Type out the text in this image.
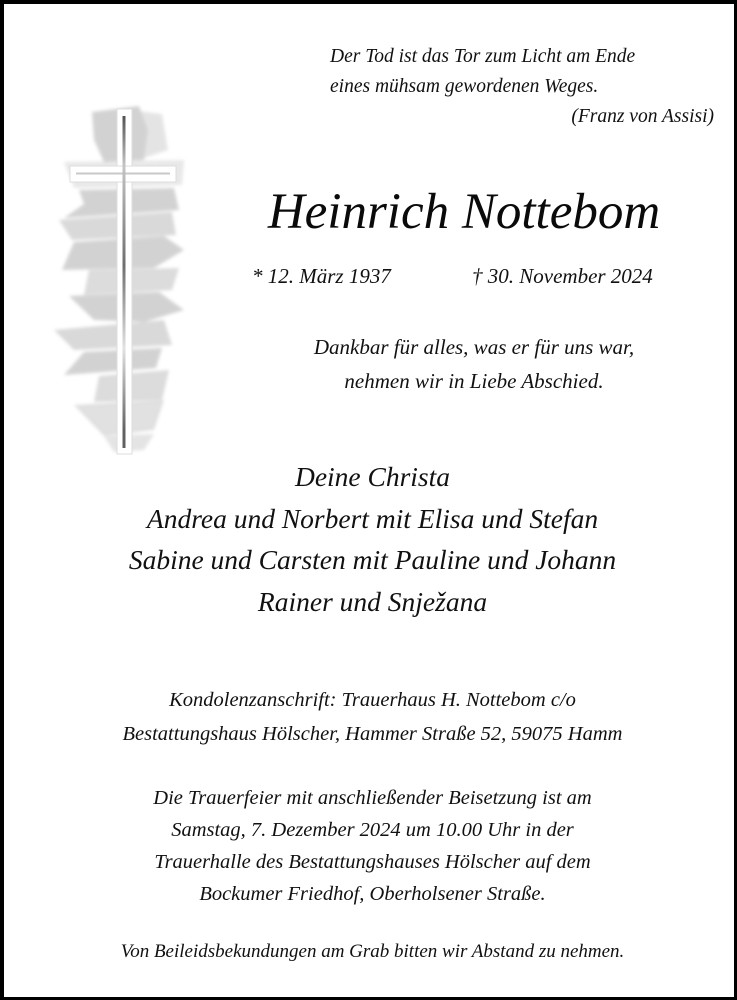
Der Tod ist das Tor zum Licht am Ende
eines mühsam gewordenen Weges.
(Franz von Assisi)
Heinrich Nottebom
* 12. März 1937	† 30. November 2024
Dankbar für alles, was er für uns war,
nehmen wir in Liebe Abschied.
Deine Christa
Andrea und Norbert mit Elisa und Stefan
Sabine und Carsten mit Pauline und Johann
Rainer und Snježana
Kondolenzanschrift: Trauerhaus H. Nottebom c/o
Bestattungshaus Hölscher, Hammer Straße 52, 59075 Hamm
Die Trauerfeier mit anschließender Beisetzung ist am
Samstag, 7. Dezember 2024 um 10.00 Uhr in der
Trauerhalle des Bestattungshauses Hölscher auf dem
Bockumer Friedhof, Oberholsener Straße.
Von Beileidsbekundungen am Grab bitten wir Abstand zu nehmen.
